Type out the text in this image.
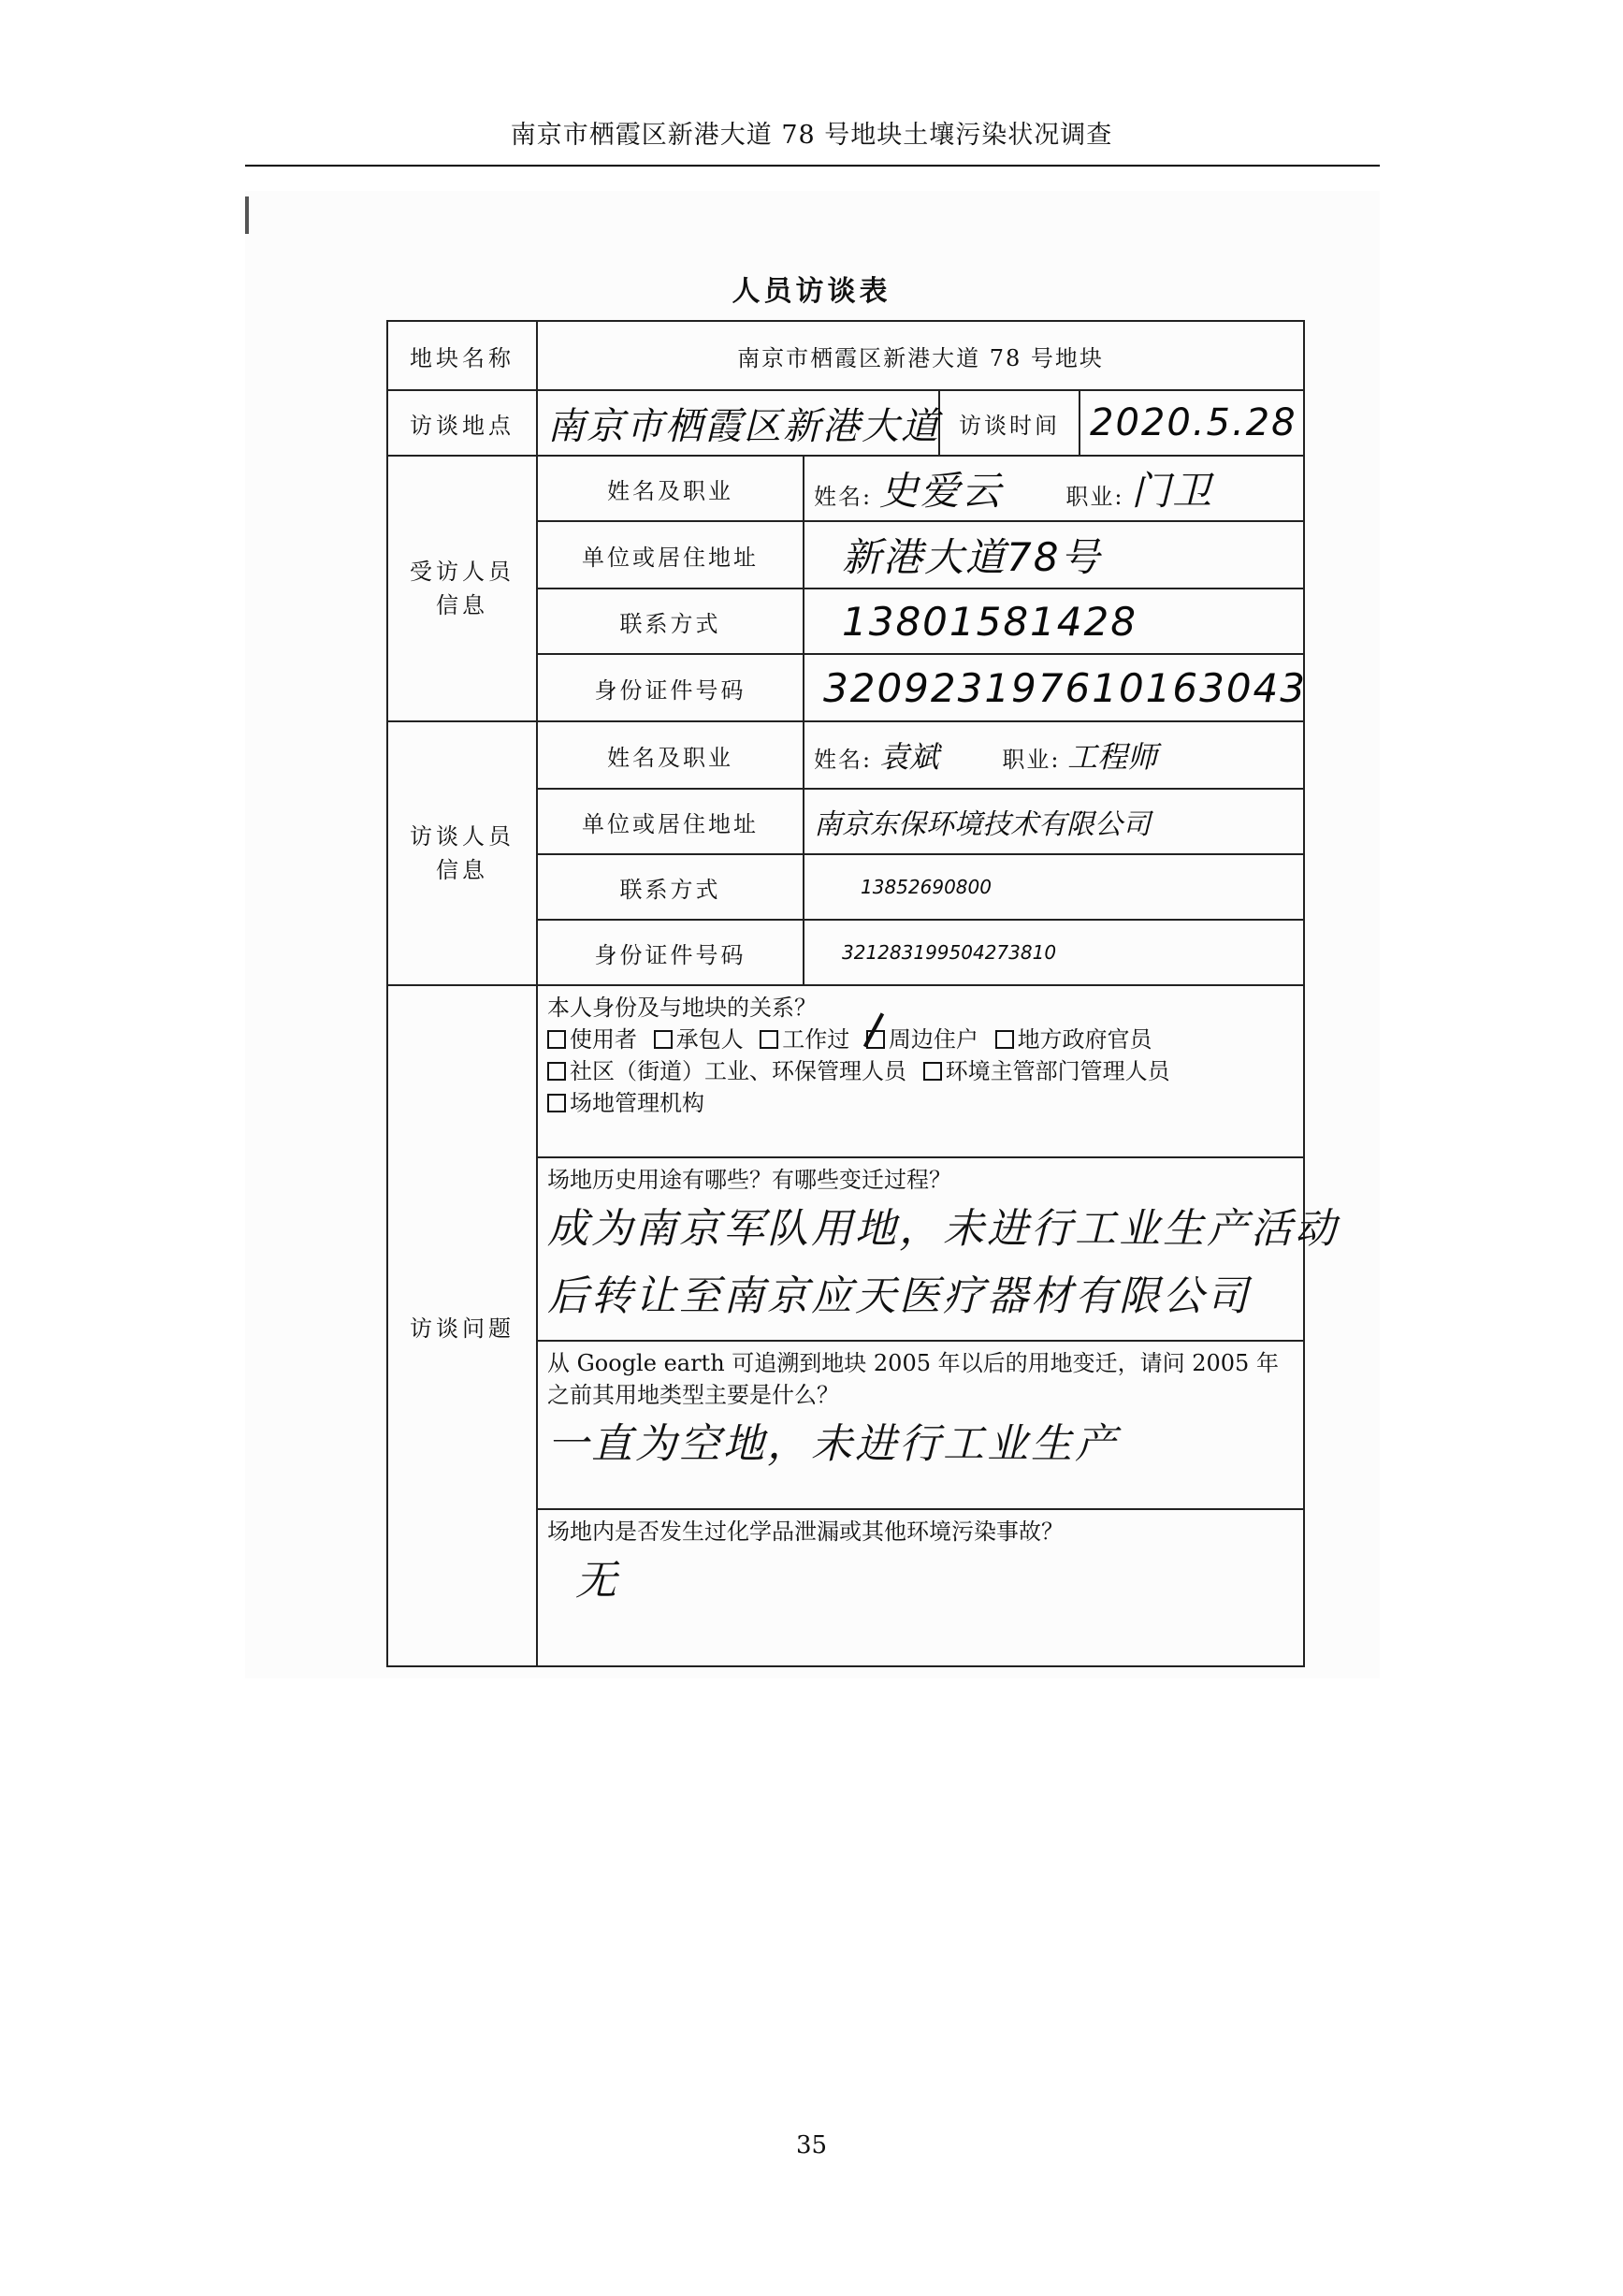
南京市栖霞区新港大道 78 号地块土壤污染状况调查
人员访谈表
地块名称	南京市栖霞区新港大道 78 号地块			
访谈地点	南京市栖霞区新港大道		访谈时间	2020.5.28
受访人员
信息	姓名及职业	姓名: 史爱云 职业: 门卫		
	单位或居住地址	新港大道78号		
	联系方式	13801581428		
	身份证件号码	320923197610163043		
访谈人员
信息	姓名及职业	姓名: 袁斌 职业: 工程师		
	单位或居住地址	南京东保环境技术有限公司		
	联系方式	13852690800		
	身份证件号码	321283199504273810		
访谈问题	本人身份及与地块的关系？
使用者 承包人 工作过 周边住户 地方政府官员
社区（街道）工业、环保管理人员 环境主管部门管理人员
场地管理机构			

	场地历史用途有哪些？有哪些变迁过程？
成为南京军队用地，未进行工业生产活动
后转让至南京应天医疗器材有限公司			

	从 Google earth 可追溯到地块 2005 年以后的用地变迁，请问 2005 年之前其用地类型主要是什么？
一直为空地，未进行工业生产			

	场地内是否发生过化学品泄漏或其他环境污染事故？
无			
35
